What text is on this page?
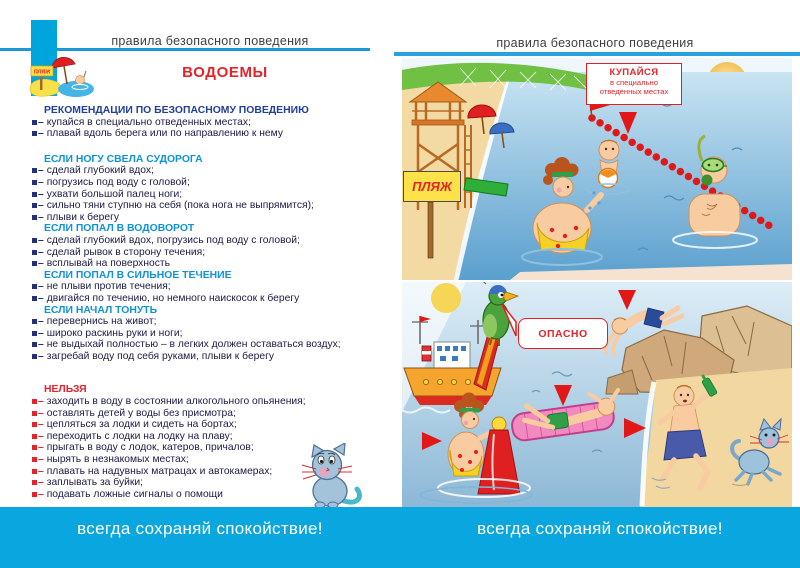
правила безопасного поведения	правила безопасного поведения
ПЛЯЖ	ВОДОЕМЫ
РЕКОМЕНДАЦИИ ПО БЕЗОПАСНОМУ ПОВЕДЕНИЮ
– купайся в специально отведенных местах;
– плавай вдоль берега или по направлению к нему
ЕСЛИ НОГУ СВЕЛА СУДОРОГА
– сделай глубокий вдох;
– погрузись под воду с головой;
– ухвати большой палец ноги;
– сильно тяни ступню на себя (пока нога не выпрямится);
– плыви к берегу
ЕСЛИ ПОПАЛ В ВОДОВОРОТ
– сделай глубокий вдох, погрузись под воду с головой;
– сделай рывок в сторону течения;
– всплывай на поверхность
ЕСЛИ ПОПАЛ В СИЛЬНОЕ ТЕЧЕНИЕ
– не плыви против течения;
– двигайся по течению, но немного наискосок к берегу
ЕСЛИ НАЧАЛ ТОНУТЬ
– перевернись на живот;
– широко раскинь руки и ноги;
– не выдыхай полностью – в легких должен оставаться воздух;
– загребай воду под себя руками, плыви к берегу
НЕЛЬЗЯ
– заходить в воду в состоянии алкогольного опьянения;
– оставлять детей у воды без присмотра;
– цепляться за лодки и сидеть на бортах;
– переходить с лодки на лодку на плаву;
– прыгать в воду с лодок, катеров, причалов;
– нырять в незнакомых местах;
– плавать на надувных матрацах и автокамерах;
– заплывать за буйки;
– подавать ложные сигналы о помощи
КУПАЙСЯ
в специально
отведенных местах
ПЛЯЖ
ОПАСНО
всегда сохраняй спокойствие!	всегда сохраняй спокойствие!
